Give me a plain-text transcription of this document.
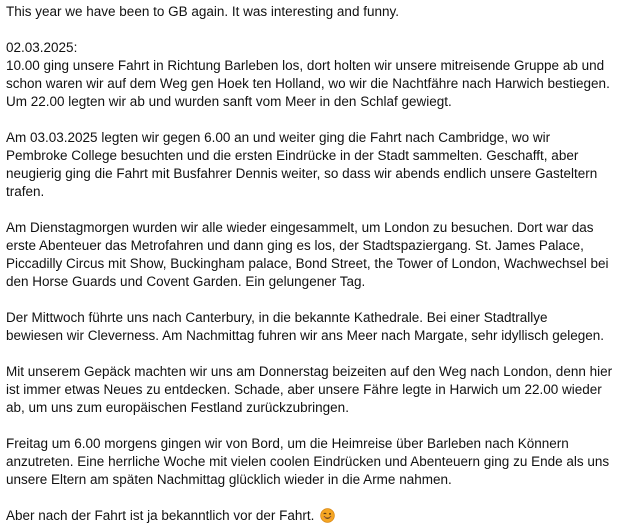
This year we have been to GB again. It was interesting and funny.

02.03.2025:
10.00 ging unsere Fahrt in Richtung Barleben los, dort holten wir unsere mitreisende Gruppe ab und
schon waren wir auf dem Weg gen Hoek ten Holland, wo wir die Nachtfähre nach Harwich bestiegen.
Um 22.00 legten wir ab und wurden sanft vom Meer in den Schlaf gewiegt.

Am 03.03.2025 legten wir gegen 6.00 an und weiter ging die Fahrt nach Cambridge, wo wir
Pembroke College besuchten und die ersten Eindrücke in der Stadt sammelten. Geschafft, aber
neugierig ging die Fahrt mit Busfahrer Dennis weiter, so dass wir abends endlich unsere Gasteltern
trafen.

Am Dienstagmorgen wurden wir alle wieder eingesammelt, um London zu besuchen. Dort war das
erste Abenteuer das Metrofahren und dann ging es los, der Stadtspaziergang. St. James Palace,
Piccadilly Circus mit Show, Buckingham palace, Bond Street, the Tower of London, Wachwechsel bei
den Horse Guards und Covent Garden. Ein gelungener Tag.

Der Mittwoch führte uns nach Canterbury, in die bekannte Kathedrale. Bei einer Stadtrallye
bewiesen wir Cleverness. Am Nachmittag fuhren wir ans Meer nach Margate, sehr idyllisch gelegen.

Mit unserem Gepäck machten wir uns am Donnerstag beizeiten auf den Weg nach London, denn hier
ist immer etwas Neues zu entdecken. Schade, aber unsere Fähre legte in Harwich um 22.00 wieder
ab, um uns zum europäischen Festland zurückzubringen.

Freitag um 6.00 morgens gingen wir von Bord, um die Heimreise über Barleben nach Könnern
anzutreten. Eine herrliche Woche mit vielen coolen Eindrücken und Abenteuern ging zu Ende als uns
unsere Eltern am späten Nachmittag glücklich wieder in die Arme nahmen.

Aber nach der Fahrt ist ja bekanntlich vor der Fahrt.
